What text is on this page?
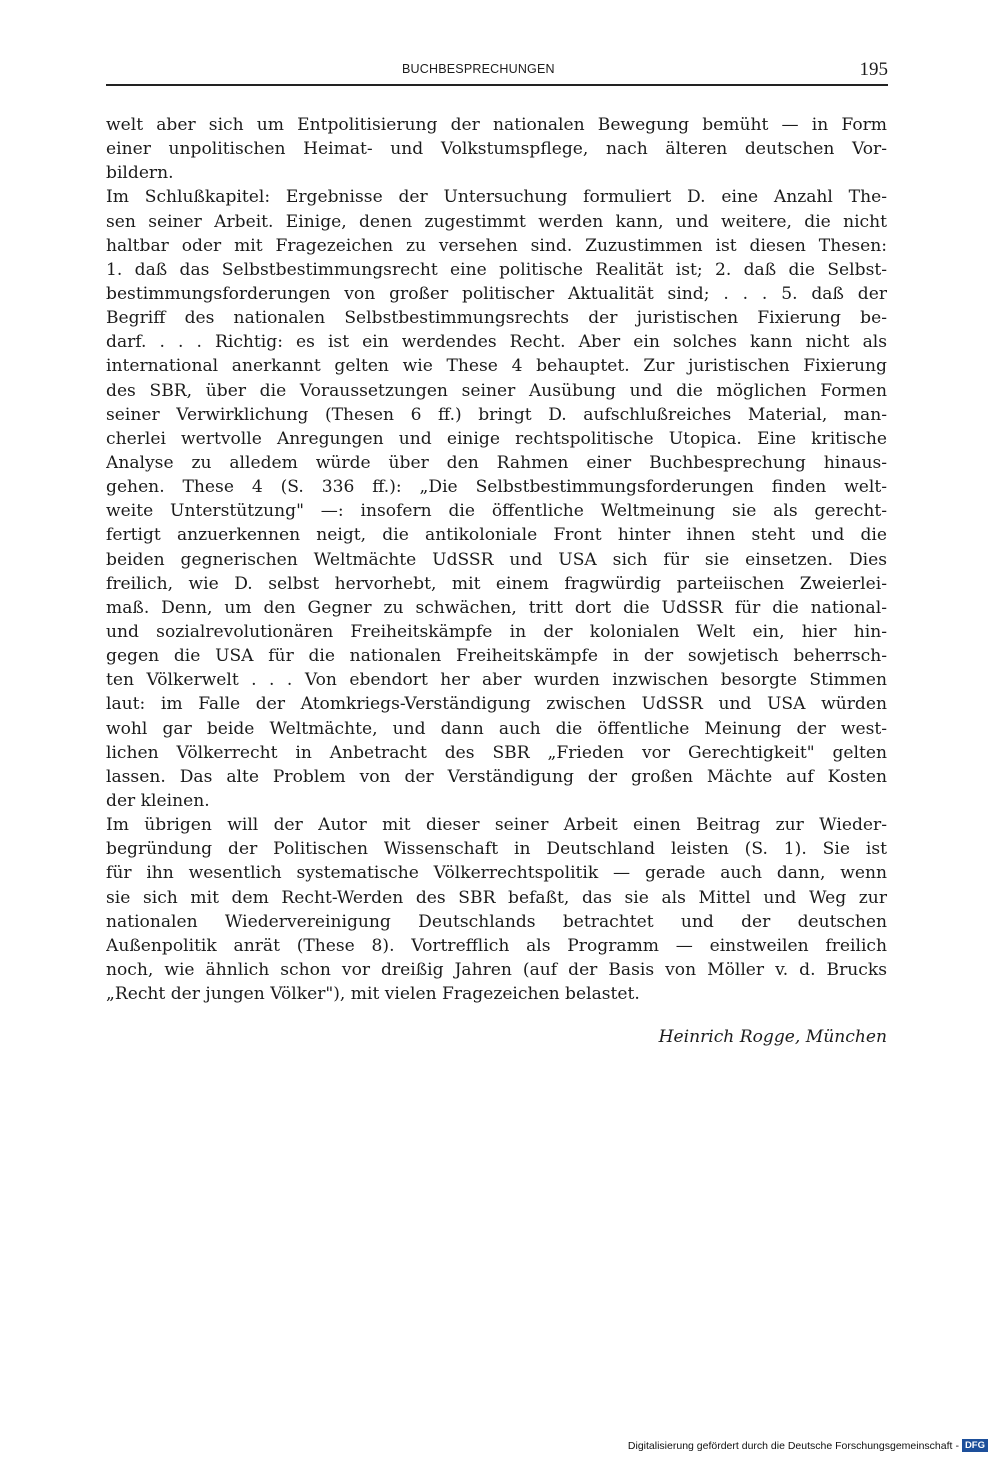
BUCHBESPRECHUNGEN	195
welt aber sich um Entpolitisierung der nationalen Bewegung bemüht — in Form
einer unpolitischen Heimat- und Volkstumspflege, nach älteren deutschen Vor-
bildern.
Im Schlußkapitel: Ergebnisse der Untersuchung formuliert D. eine Anzahl The-
sen seiner Arbeit. Einige, denen zugestimmt werden kann, und weitere, die nicht
haltbar oder mit Fragezeichen zu versehen sind. Zuzustimmen ist diesen Thesen:
1. daß das Selbstbestimmungsrecht eine politische Realität ist; 2. daß die Selbst-
bestimmungsforderungen von großer politischer Aktualität sind; . . . 5. daß der
Begriff des nationalen Selbstbestimmungsrechts der juristischen Fixierung be-
darf. . . . Richtig: es ist ein werdendes Recht. Aber ein solches kann nicht als
international anerkannt gelten wie These 4 behauptet. Zur juristischen Fixierung
des SBR, über die Voraussetzungen seiner Ausübung und die möglichen Formen
seiner Verwirklichung (Thesen 6 ff.) bringt D. aufschlußreiches Material, man-
cherlei wertvolle Anregungen und einige rechtspolitische Utopica. Eine kritische
Analyse zu alledem würde über den Rahmen einer Buchbesprechung hinaus-
gehen. These 4 (S. 336 ff.): „Die Selbstbestimmungsforderungen finden welt-
weite Unterstützung" —: insofern die öffentliche Weltmeinung sie als gerecht-
fertigt anzuerkennen neigt, die antikoloniale Front hinter ihnen steht und die
beiden gegnerischen Weltmächte UdSSR und USA sich für sie einsetzen. Dies
freilich, wie D. selbst hervorhebt, mit einem fragwürdig parteiischen Zweierlei-
maß. Denn, um den Gegner zu schwächen, tritt dort die UdSSR für die national-
und sozialrevolutionären Freiheitskämpfe in der kolonialen Welt ein, hier hin-
gegen die USA für die nationalen Freiheitskämpfe in der sowjetisch beherrsch-
ten Völkerwelt . . . Von ebendort her aber wurden inzwischen besorgte Stimmen
laut: im Falle der Atomkriegs-Verständigung zwischen UdSSR und USA würden
wohl gar beide Weltmächte, und dann auch die öffentliche Meinung der west-
lichen Völkerrecht in Anbetracht des SBR „Frieden vor Gerechtigkeit" gelten
lassen. Das alte Problem von der Verständigung der großen Mächte auf Kosten
der kleinen.
Im übrigen will der Autor mit dieser seiner Arbeit einen Beitrag zur Wieder-
begründung der Politischen Wissenschaft in Deutschland leisten (S. 1). Sie ist
für ihn wesentlich systematische Völkerrechtspolitik — gerade auch dann, wenn
sie sich mit dem Recht-Werden des SBR befaßt, das sie als Mittel und Weg zur
nationalen Wiedervereinigung Deutschlands betrachtet und der deutschen
Außenpolitik anrät (These 8). Vortrefflich als Programm — einstweilen freilich
noch, wie ähnlich schon vor dreißig Jahren (auf der Basis von Möller v. d. Brucks
„Recht der jungen Völker"), mit vielen Fragezeichen belastet.
Heinrich Rogge, München
Digitalisierung gefördert durch die Deutsche Forschungsgemeinschaft - DFG
